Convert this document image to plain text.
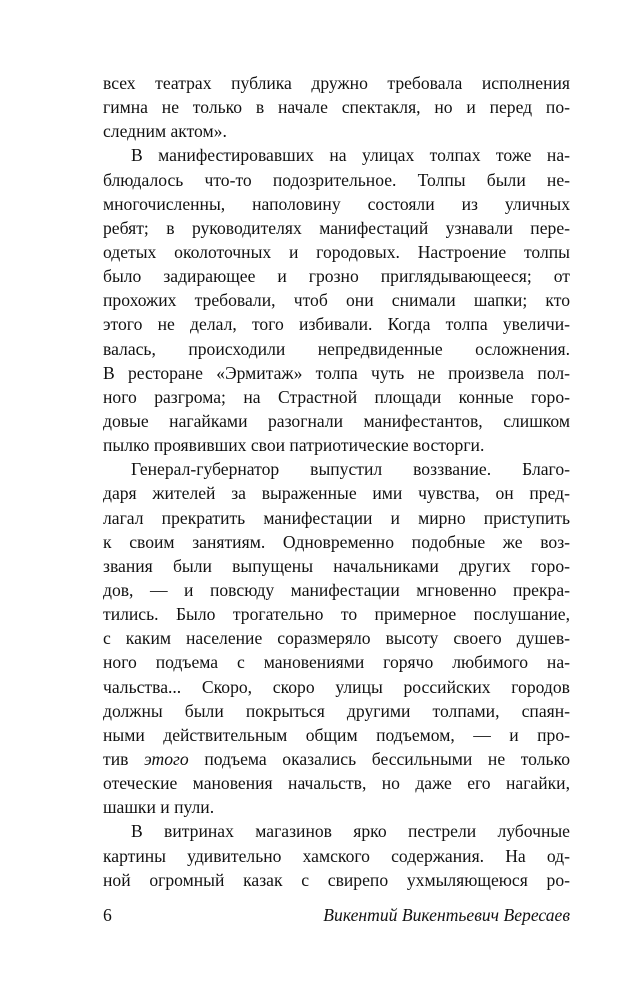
всех театрах публика дружно требовала исполнения
гимна не только в начале спектакля, но и перед по-
следним актом».
В манифестировавших на улицах толпах тоже на-
блюдалось что-то подозрительное. Толпы были не-
многочисленны, наполовину состояли из уличных
ребят; в руководителях манифестаций узнавали пере-
одетых околоточных и городовых. Настроение толпы
было задирающее и грозно приглядывающееся; от
прохожих требовали, чтоб они снимали шапки; кто
этого не делал, того избивали. Когда толпа увеличи-
валась, происходили непредвиденные осложнения.
В ресторане «Эрмитаж» толпа чуть не произвела пол-
ного разгрома; на Страстной площади конные горо-
довые нагайками разогнали манифестантов, слишком
пылко проявивших свои патриотические восторги.
Генерал-губернатор выпустил воззвание. Благо-
даря жителей за выраженные ими чувства, он пред-
лагал прекратить манифестации и мирно приступить
к своим занятиям. Одновременно подобные же воз-
звания были выпущены начальниками других горо-
дов, — и повсюду манифестации мгновенно прекра-
тились. Было трогательно то примерное послушание,
с каким население соразмеряло высоту своего душев-
ного подъема с мановениями горячо любимого на-
чальства... Скоро, скоро улицы российских городов
должны были покрыться другими толпами, спаян-
ными действительным общим подъемом, — и про-
тив этого подъема оказались бессильными не только
отеческие мановения начальств, но даже его нагайки,
шашки и пули.
В витринах магазинов ярко пестрели лубочные
картины удивительно хамского содержания. На од-
ной огромный казак с свирепо ухмыляющеюся ро-
6	Викентий Викентьевич Вересаев
